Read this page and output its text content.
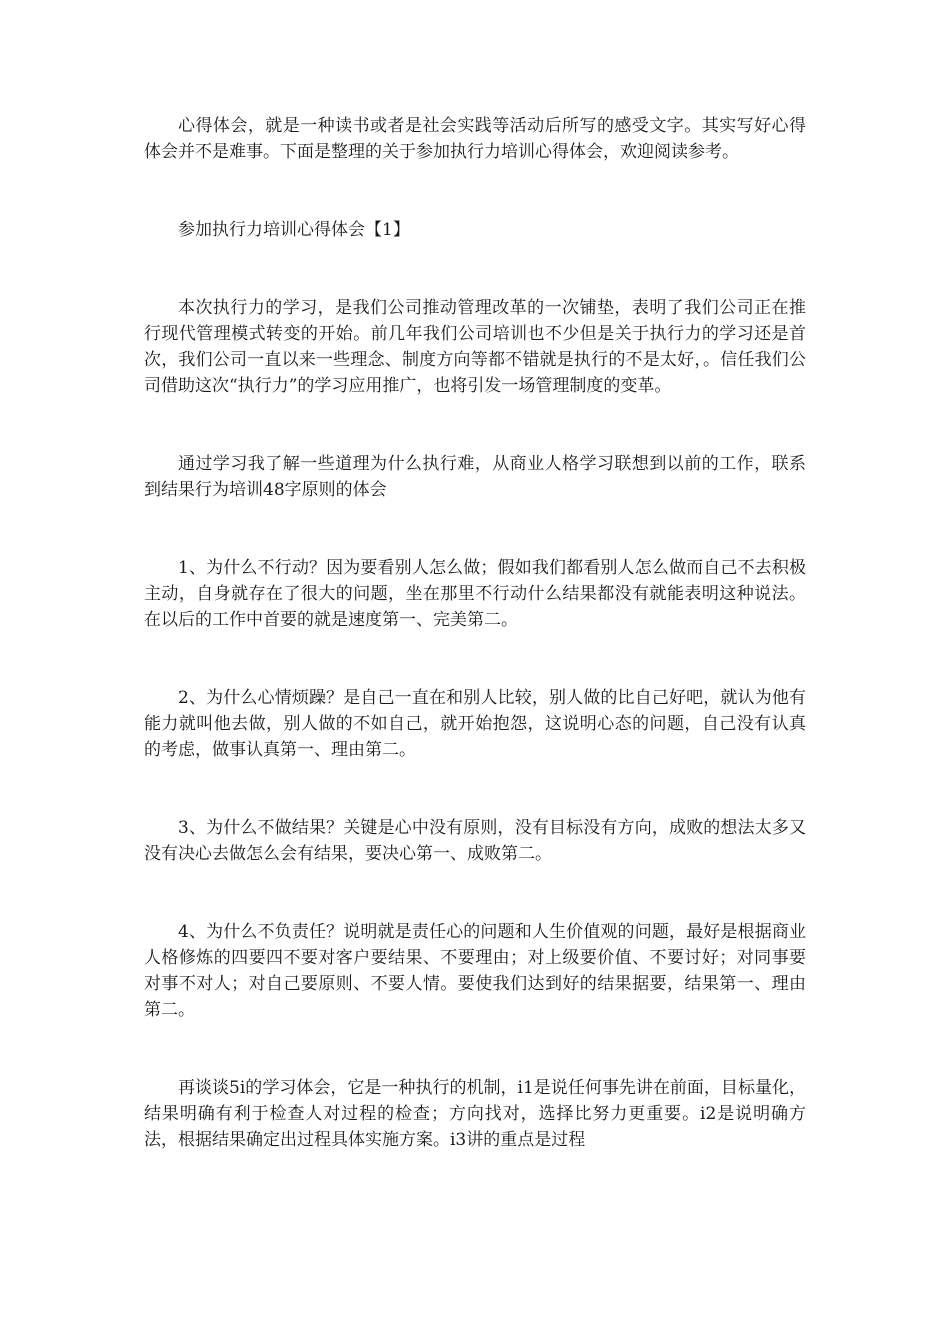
心得体会，就是一种读书或者是社会实践等活动后所写的感受文字。其实写好心得体会并不是难事。下面是整理的关于参加执行力培训心得体会，欢迎阅读参考。

参加执行力培训心得体会【1】

本次执行力的学习，是我们公司推动管理改革的一次铺垫，表明了我们公司正在推行现代管理模式转变的开始。前几年我们公司培训也不少但是关于执行力的学习还是首次，我们公司一直以来一些理念、制度方向等都不错就是执行的不是太好，。信任我们公司借助这次“执行力”的学习应用推广，也将引发一场管理制度的变革。

通过学习我了解一些道理为什么执行难，从商业人格学习联想到以前的工作，联系到结果行为培训48字原则的体会

1、为什么不行动？因为要看别人怎么做；假如我们都看别人怎么做而自己不去积极主动，自身就存在了很大的问题，坐在那里不行动什么结果都没有就能表明这种说法。在以后的工作中首要的就是速度第一、完美第二。

2、为什么心情烦躁？是自己一直在和别人比较，别人做的比自己好吧，就认为他有能力就叫他去做，别人做的不如自己，就开始抱怨，这说明心态的问题，自己没有认真的考虑，做事认真第一、理由第二。

3、为什么不做结果？关键是心中没有原则，没有目标没有方向，成败的想法太多又没有决心去做怎么会有结果，要决心第一、成败第二。

4、为什么不负责任？说明就是责任心的问题和人生价值观的问题，最好是根据商业人格修炼的四要四不要对客户要结果、不要理由；对上级要价值、不要讨好；对同事要对事不对人；对自己要原则、不要人情。要使我们达到好的结果据要，结果第一、理由第二。

再谈谈5i的学习体会，它是一种执行的机制，i1是说任何事先讲在前面，目标量化，结果明确有利于检查人对过程的检查；方向找对，选择比努力更重要。i2是说明确方法，根据结果确定出过程具体实施方案。i3讲的重点是过程
